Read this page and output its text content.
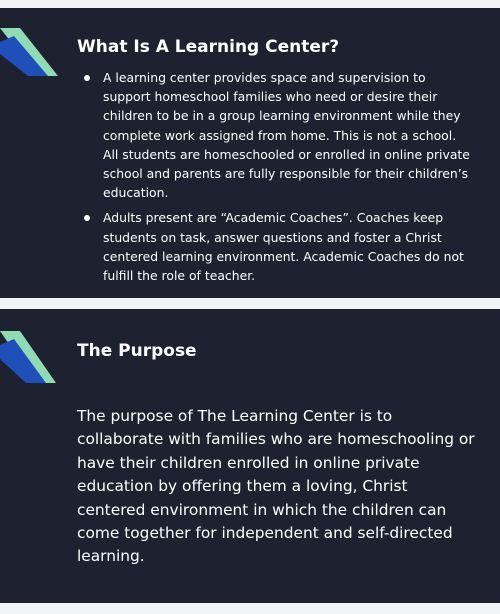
What Is A Learning Center?
A learning center provides space and supervision to support homeschool families who need or desire their children to be in a group learning environment while they complete work assigned from home. This is not a school. All students are homeschooled or enrolled in online private school and parents are fully responsible for their children’s education.
Adults present are “Academic Coaches”. Coaches keep students on task, answer questions and foster a Christ centered learning environment. Academic Coaches do not fulfill the role of teacher.
The Purpose

The purpose of The Learning Center is to collaborate with families who are homeschooling or have their children enrolled in online private education by offering them a loving, Christ centered environment in which the children can come together for independent and self-directed learning.
